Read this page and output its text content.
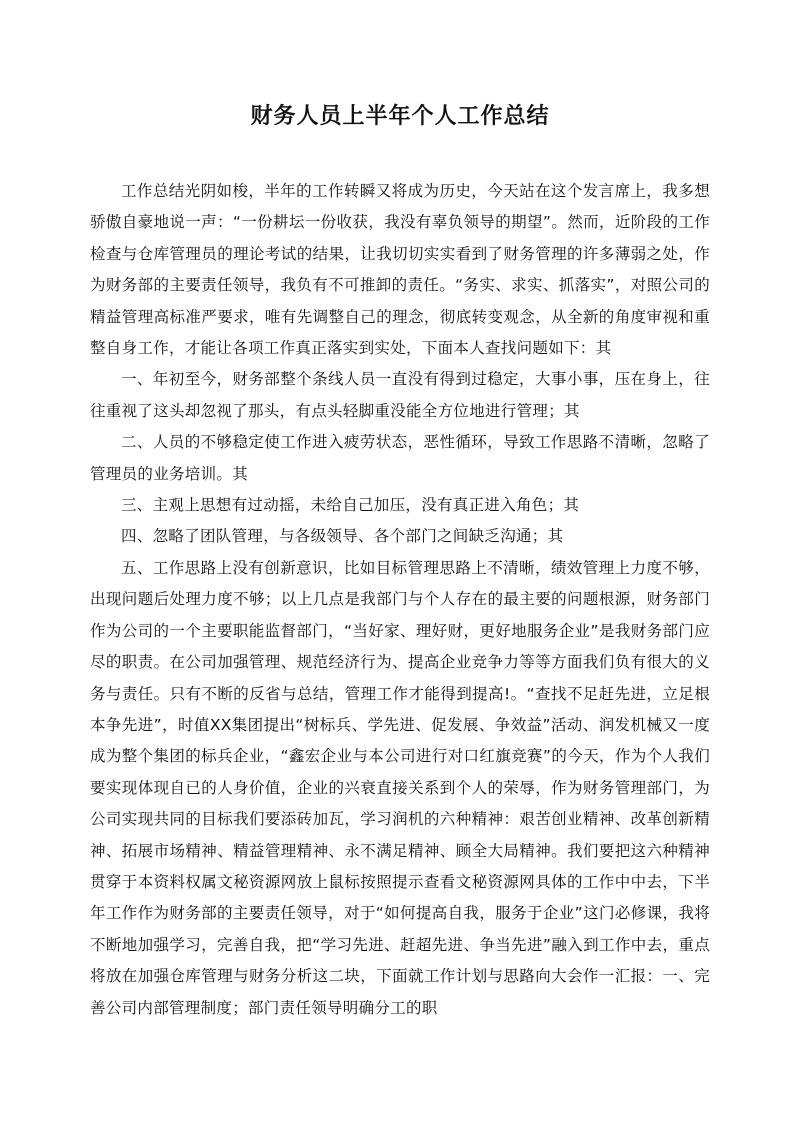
财务人员上半年个人工作总结

工作总结光阴如梭，半年的工作转瞬又将成为历史，今天站在这个发言席上，我多想骄傲自豪地说一声：“一份耕坛一份收获，我没有辜负领导的期望”。然而，近阶段的工作检查与仓库管理员的理论考试的结果，让我切切实实看到了财务管理的许多薄弱之处，作为财务部的主要责任领导，我负有不可推卸的责任。“务实、求实、抓落实”，对照公司的精益管理高标准严要求，唯有先调整自己的理念，彻底转变观念，从全新的角度审视和重整自身工作，才能让各项工作真正落实到实处，下面本人查找问题如下：其

一、年初至今，财务部整个条线人员一直没有得到过稳定，大事小事，压在身上，往往重视了这头却忽视了那头，有点头轻脚重没能全方位地进行管理；其

二、人员的不够稳定使工作进入疲劳状态，恶性循环，导致工作思路不清晰，忽略了管理员的业务培训。其

三、主观上思想有过动摇，未给自己加压，没有真正进入角色；其

四、忽略了团队管理，与各级领导、各个部门之间缺乏沟通；其

五、工作思路上没有创新意识，比如目标管理思路上不清晰，绩效管理上力度不够，出现问题后处理力度不够；以上几点是我部门与个人存在的最主要的问题根源，财务部门作为公司的一个主要职能监督部门，“当好家、理好财，更好地服务企业”是我财务部门应尽的职责。在公司加强管理、规范经济行为、提高企业竞争力等等方面我们负有很大的义务与责任。只有不断的反省与总结，管理工作才能得到提高!。“查找不足赶先进，立足根本争先进”，时值XX集团提出“树标兵、学先进、促发展、争效益”活动、润发机械又一度成为整个集团的标兵企业，“鑫宏企业与本公司进行对口红旗竞赛”的今天，作为个人我们要实现体现自已的人身价值，企业的兴衰直接关系到个人的荣辱，作为财务管理部门，为公司实现共同的目标我们要添砖加瓦，学习润机的六种精神：艰苦创业精神、改革创新精神、拓展市场精神、精益管理精神、永不满足精神、顾全大局精神。我们要把这六种精神贯穿于本资料权属文秘资源网放上鼠标按照提示查看文秘资源网具体的工作中中去，下半年工作作为财务部的主要责任领导，对于“如何提高自我，服务于企业”这门必修课，我将不断地加强学习，完善自我，把“学习先进、赶超先进、争当先进”融入到工作中去，重点将放在加强仓库管理与财务分析这二块，下面就工作计划与思路向大会作一汇报：一、完善公司内部管理制度；部门责任领导明确分工的职
